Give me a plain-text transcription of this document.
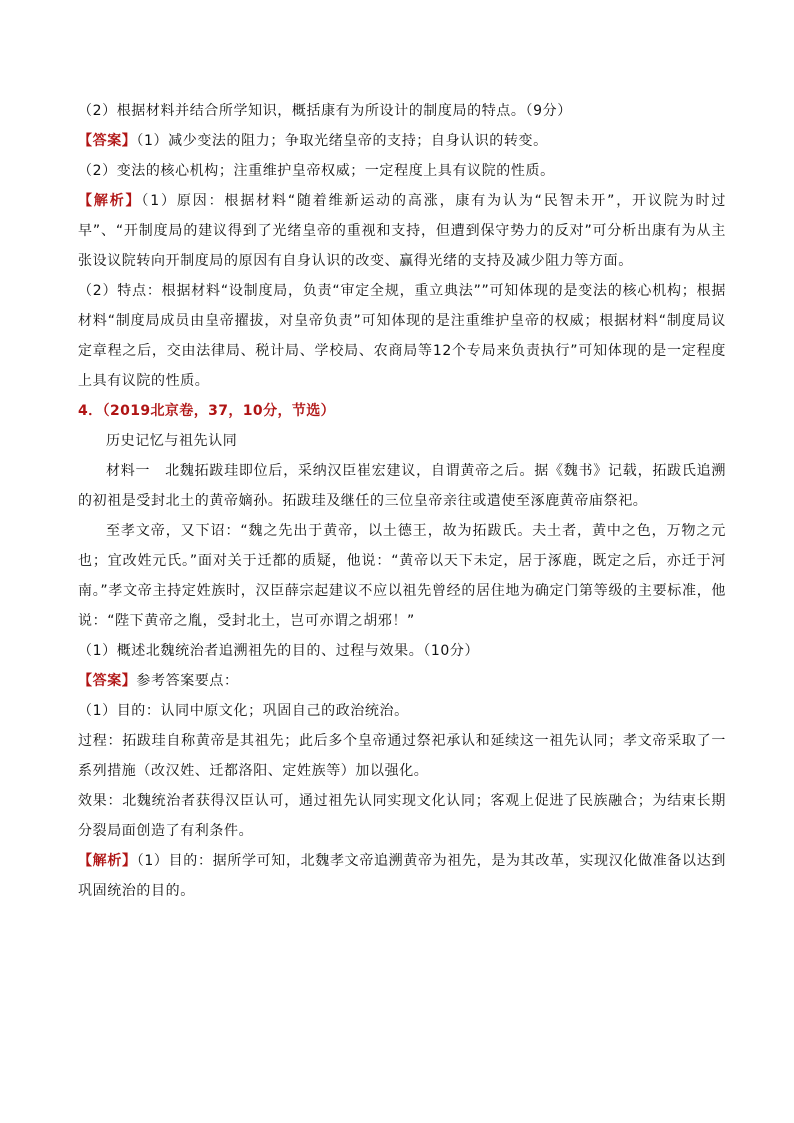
（2）根据材料并结合所学知识，概括康有为所设计的制度局的特点。（9分）

【答案】（1）减少变法的阻力；争取光绪皇帝的支持；自身认识的转变。

（2）变法的核心机构；注重维护皇帝权威；一定程度上具有议院的性质。

【解析】（1）原因：根据材料“随着维新运动的高涨，康有为认为“民智未开”，开议院为时过早”、“开制度局的建议得到了光绪皇帝的重视和支持，但遭到保守势力的反对”可分析出康有为从主张设议院转向开制度局的原因有自身认识的改变、赢得光绪的支持及减少阻力等方面。

（2）特点：根据材料“设制度局，负责“审定全规，重立典法””可知体现的是变法的核心机构；根据材料“制度局成员由皇帝擢拔，对皇帝负责”可知体现的是注重维护皇帝的权威；根据材料“制度局议定章程之后，交由法律局、税计局、学校局、农商局等12个专局来负责执行”可知体现的是一定程度上具有议院的性质。

4．（2019北京卷，37，10分，节选）

历史记忆与祖先认同

材料一　北魏拓跋珪即位后，采纳汉臣崔宏建议，自谓黄帝之后。据《魏书》记载，拓跋氏追溯的初祖是受封北土的黄帝嫡孙。拓跋珪及继任的三位皇帝亲往或遣使至涿鹿黄帝庙祭祀。

至孝文帝，又下诏：“魏之先出于黄帝，以土德王，故为拓跋氏。夫土者，黄中之色，万物之元也；宜改姓元氏。”面对关于迁都的质疑，他说：“黄帝以天下未定，居于涿鹿，既定之后，亦迁于河南。”孝文帝主持定姓族时，汉臣薛宗起建议不应以祖先曾经的居住地为确定门第等级的主要标准，他说：“陛下黄帝之胤，受封北土，岂可亦谓之胡邪！”

（1）概述北魏统治者追溯祖先的目的、过程与效果。（10分）

【答案】参考答案要点：

（1）目的：认同中原文化；巩固自己的政治统治。

过程：拓跋珪自称黄帝是其祖先；此后多个皇帝通过祭祀承认和延续这一祖先认同；孝文帝采取了一系列措施（改汉姓、迁都洛阳、定姓族等）加以强化。

效果：北魏统治者获得汉臣认可，通过祖先认同实现文化认同；客观上促进了民族融合；为结束长期分裂局面创造了有利条件。

【解析】（1）目的：据所学可知，北魏孝文帝追溯黄帝为祖先，是为其改革，实现汉化做准备以达到巩固统治的目的。
